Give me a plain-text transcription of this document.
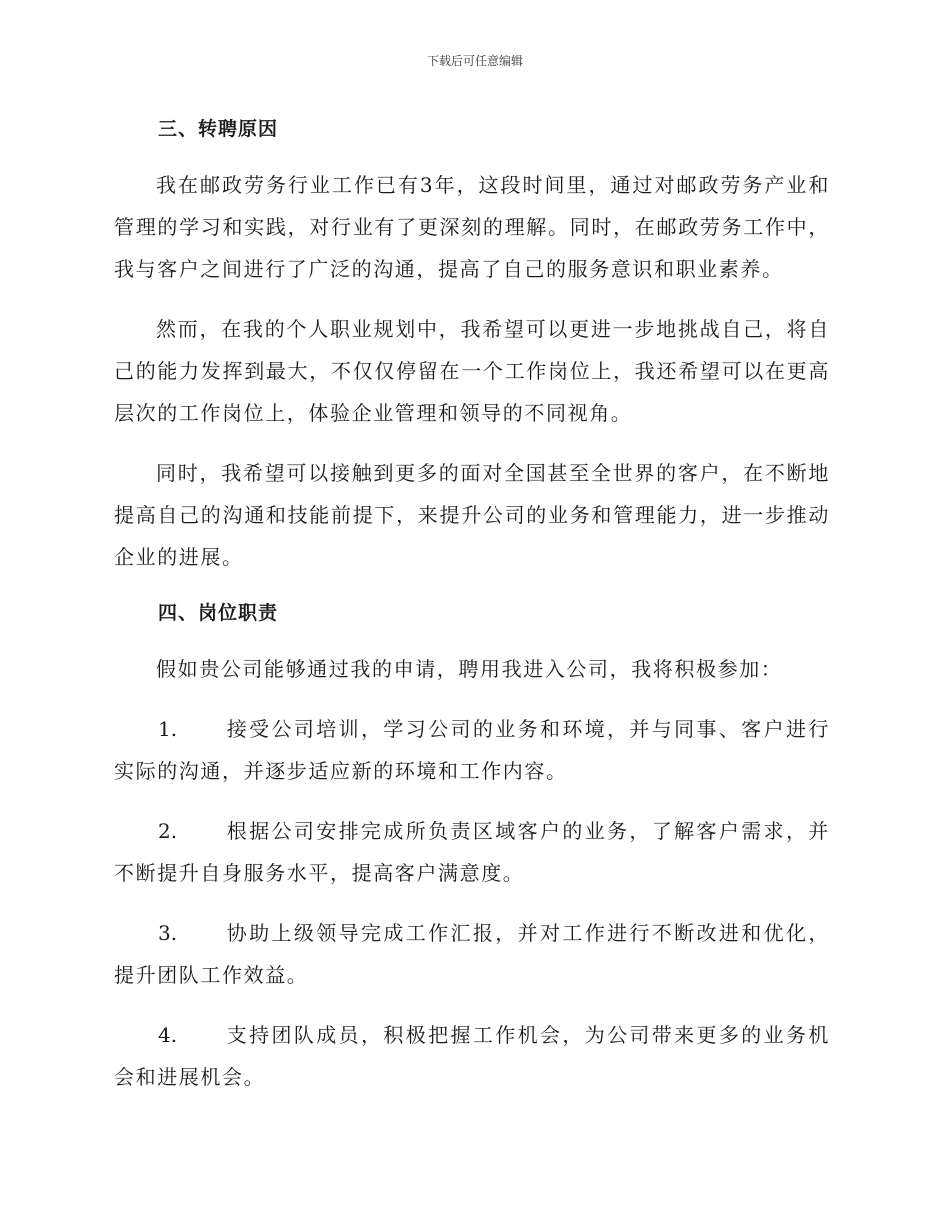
下载后可任意编辑
三、转聘原因

我在邮政劳务行业工作已有3年，这段时间里，通过对邮政劳务产业和管理的学习和实践，对行业有了更深刻的理解。同时，在邮政劳务工作中，我与客户之间进行了广泛的沟通，提高了自己的服务意识和职业素养。

然而，在我的个人职业规划中，我希望可以更进一步地挑战自己，将自己的能力发挥到最大，不仅仅停留在一个工作岗位上，我还希望可以在更高层次的工作岗位上，体验企业管理和领导的不同视角。

同时，我希望可以接触到更多的面对全国甚至全世界的客户，在不断地提高自己的沟通和技能前提下，来提升公司的业务和管理能力，进一步推动企业的进展。

四、岗位职责

假如贵公司能够通过我的申请，聘用我进入公司，我将积极参加：

1. 接受公司培训，学习公司的业务和环境，并与同事、客户进行实际的沟通，并逐步适应新的环境和工作内容。

2. 根据公司安排完成所负责区域客户的业务，了解客户需求，并不断提升自身服务水平，提高客户满意度。

3. 协助上级领导完成工作汇报，并对工作进行不断改进和优化，提升团队工作效益。

4. 支持团队成员，积极把握工作机会，为公司带来更多的业务机会和进展机会。
